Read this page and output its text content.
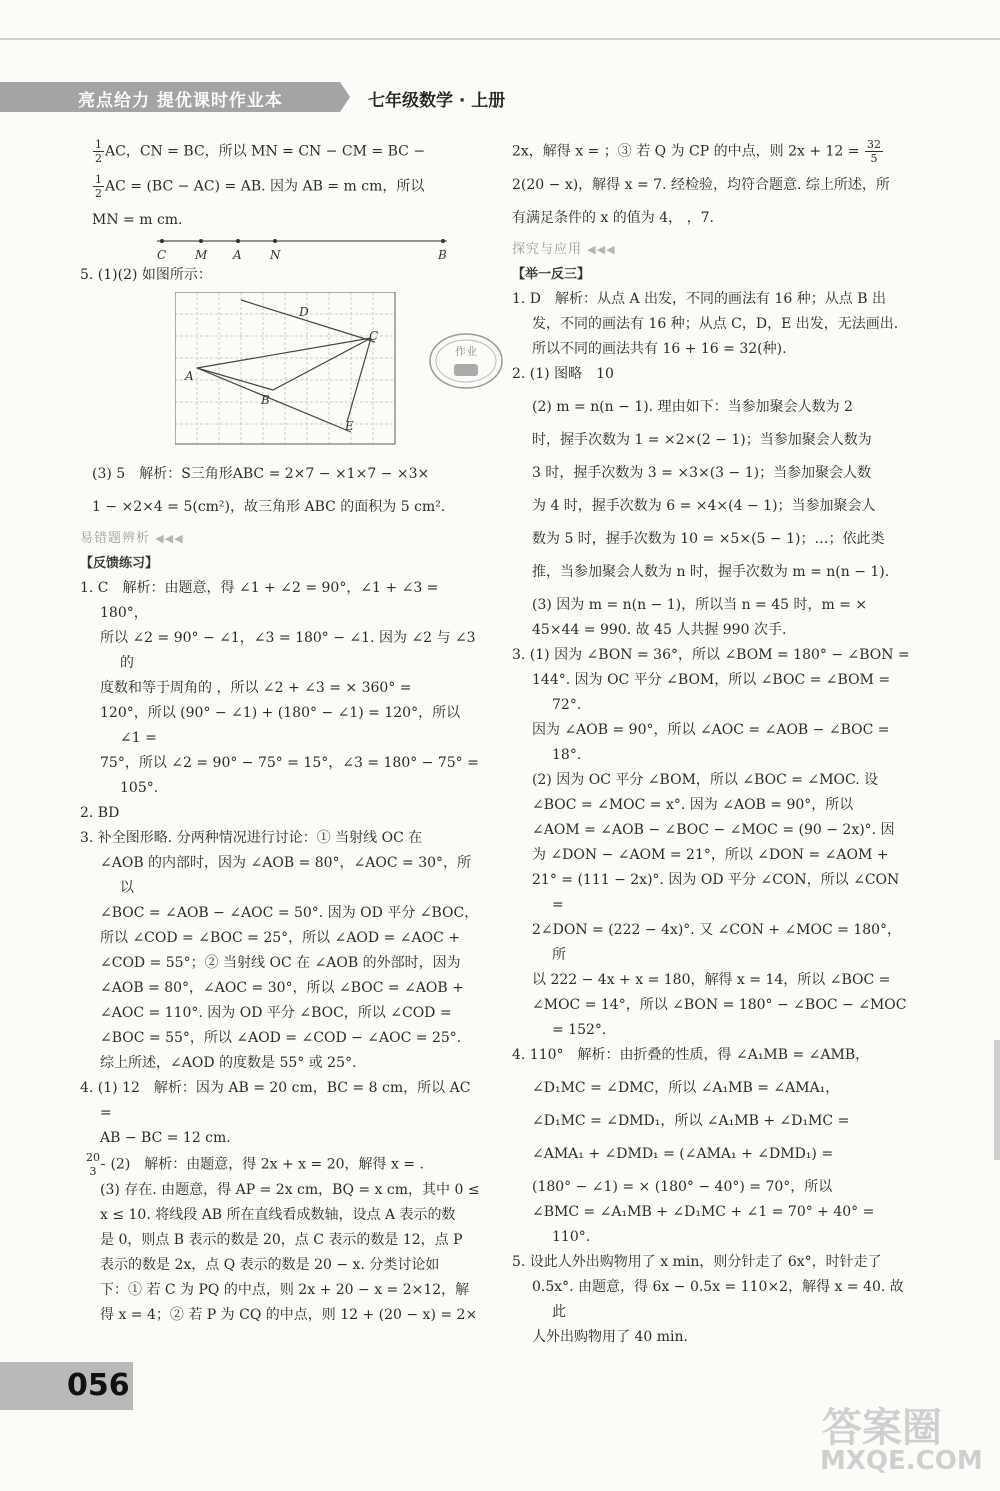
亮点给力 提优课时作业本	七年级数学 · 上册
$\frac{1}{2}$ AC，CN = BC，所以 MN = CN − CM = BC −
$\frac{1}{2}$ AC = (BC − AC) = AB. 因为 AB = m cm，所以
MN = m cm.
C M A N	B
5. (1)(2) 如图所示：
D
C
A
B
E
(3) 5　解析：S三角形ABC = 2×7 − ×1×7 − ×3×
1 − ×2×4 = 5(cm²)，故三角形 ABC 的面积为 5 cm².
易错题辨析 ◀◀◀
【反馈练习】
1. C　解析：由题意，得 ∠1 + ∠2 = 90°，∠1 + ∠3 = 180°，
所以 ∠2 = 90° − ∠1，∠3 = 180° − ∠1. 因为 ∠2 与 ∠3 的
度数和等于周角的 ，所以 ∠2 + ∠3 = × 360° =
120°，所以 (90° − ∠1) + (180° − ∠1) = 120°，所以 ∠1 =
75°，所以 ∠2 = 90° − 75° = 15°，∠3 = 180° − 75° = 105°.
2. BD
3. 补全图形略. 分两种情况进行讨论：① 当射线 OC 在
∠AOB 的内部时，因为 ∠AOB = 80°，∠AOC = 30°，所以
∠BOC = ∠AOB − ∠AOC = 50°. 因为 OD 平分 ∠BOC，
所以 ∠COD = ∠BOC = 25°，所以 ∠AOD = ∠AOC +
∠COD = 55°；② 当射线 OC 在 ∠AOB 的外部时，因为
∠AOB = 80°，∠AOC = 30°，所以 ∠BOC = ∠AOB +
∠AOC = 110°. 因为 OD 平分 ∠BOC，所以 ∠COD =
∠BOC = 55°，所以 ∠AOD = ∠COD − ∠AOC = 25°.
综上所述，∠AOD 的度数是 55° 或 25°.
4. (1) 12　解析：因为 AB = 20 cm，BC = 8 cm，所以 AC =
AB − BC = 12 cm.
$\frac{20}{3} (2)$　解析：由题意，得 2x + x = 20，解得 x = .
(3) 存在. 由题意，得 AP = 2x cm，BQ = x cm，其中 0 ≤
x ≤ 10. 将线段 AB 所在直线看成数轴，设点 A 表示的数
是 0，则点 B 表示的数是 20，点 C 表示的数是 12，点 P
表示的数是 2x，点 Q 表示的数是 20 − x. 分类讨论如
下：① 若 C 为 PQ 的中点，则 2x + 20 − x = 2×12，解
得 x = 4；② 若 P 为 CQ 的中点，则 12 + (20 − x) = 2×
2x，解得 x = ；③ 若 Q 为 CP 的中点，则 $2x + 12 = \frac{32}{5}$
2(20 − x)，解得 x = 7. 经检验，均符合题意. 综上所述，所
有满足条件的 x 的值为 4， ，7.
探究与应用 ◀◀◀
【举一反三】
1. D　解析：从点 A 出发，不同的画法有 16 种；从点 B 出
发，不同的画法有 16 种；从点 C，D，E 出发，无法画出.
所以不同的画法共有 16 + 16 = 32(种).
2. (1) 图略　10
(2) m = n(n − 1). 理由如下：当参加聚会人数为 2
时，握手次数为 1 = ×2×(2 − 1)；当参加聚会人数为
3 时，握手次数为 3 = ×3×(3 − 1)；当参加聚会人数
为 4 时，握手次数为 6 = ×4×(4 − 1)；当参加聚会人
数为 5 时，握手次数为 10 = ×5×(5 − 1)；…；依此类
推，当参加聚会人数为 n 时，握手次数为 m = n(n − 1).
(3) 因为 m = n(n − 1)，所以当 n = 45 时，m = ×
45×44 = 990. 故 45 人共握 990 次手.
3. (1) 因为 ∠BON = 36°，所以 ∠BOM = 180° − ∠BON =
144°. 因为 OC 平分 ∠BOM，所以 ∠BOC = ∠BOM = 72°.
因为 ∠AOB = 90°，所以 ∠AOC = ∠AOB − ∠BOC = 18°.
(2) 因为 OC 平分 ∠BOM，所以 ∠BOC = ∠MOC. 设
∠BOC = ∠MOC = x°. 因为 ∠AOB = 90°，所以
∠AOM = ∠AOB − ∠BOC − ∠MOC = (90 − 2x)°. 因
为 ∠DON − ∠AOM = 21°，所以 ∠DON = ∠AOM +
21° = (111 − 2x)°. 因为 OD 平分 ∠CON，所以 ∠CON =
2∠DON = (222 − 4x)°. 又 ∠CON + ∠MOC = 180°，所
以 222 − 4x + x = 180，解得 x = 14，所以 ∠BOC =
∠MOC = 14°，所以 ∠BON = 180° − ∠BOC − ∠MOC = 152°.
4. 110°　解析：由折叠的性质，得 ∠A₁MB = ∠AMB，
∠D₁MC = ∠DMC，所以 ∠A₁MB = ∠AMA₁，
∠D₁MC = ∠DMD₁，所以 ∠A₁MB + ∠D₁MC =
∠AMA₁ + ∠DMD₁ = (∠AMA₁ + ∠DMD₁) =
(180° − ∠1) = × (180° − 40°) = 70°，所以
∠BMC = ∠A₁MB + ∠D₁MC + ∠1 = 70° + 40° = 110°.
5. 设此人外出购物用了 x min，则分针走了 6x°，时针走了
0.5x°. 由题意，得 6x − 0.5x = 110×2，解得 x = 40. 故此
人外出购物用了 40 min.
作业
056
答案圈
MXQE.COM
